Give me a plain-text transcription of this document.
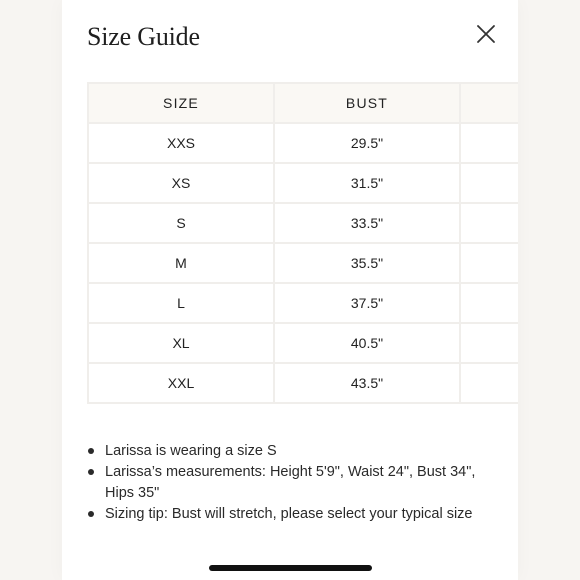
Size Guide
SIZE	BUST	
XXS	29.5"	
XS	31.5"	
S	33.5"	
M	35.5"	
L	37.5"	
XL	40.5"	
XXL	43.5"	
Larissa is wearing a size S
Larissa’s measurements: Height 5'9", Waist 24", Bust 34", Hips 35"
Sizing tip: Bust will stretch, please select your typical size
